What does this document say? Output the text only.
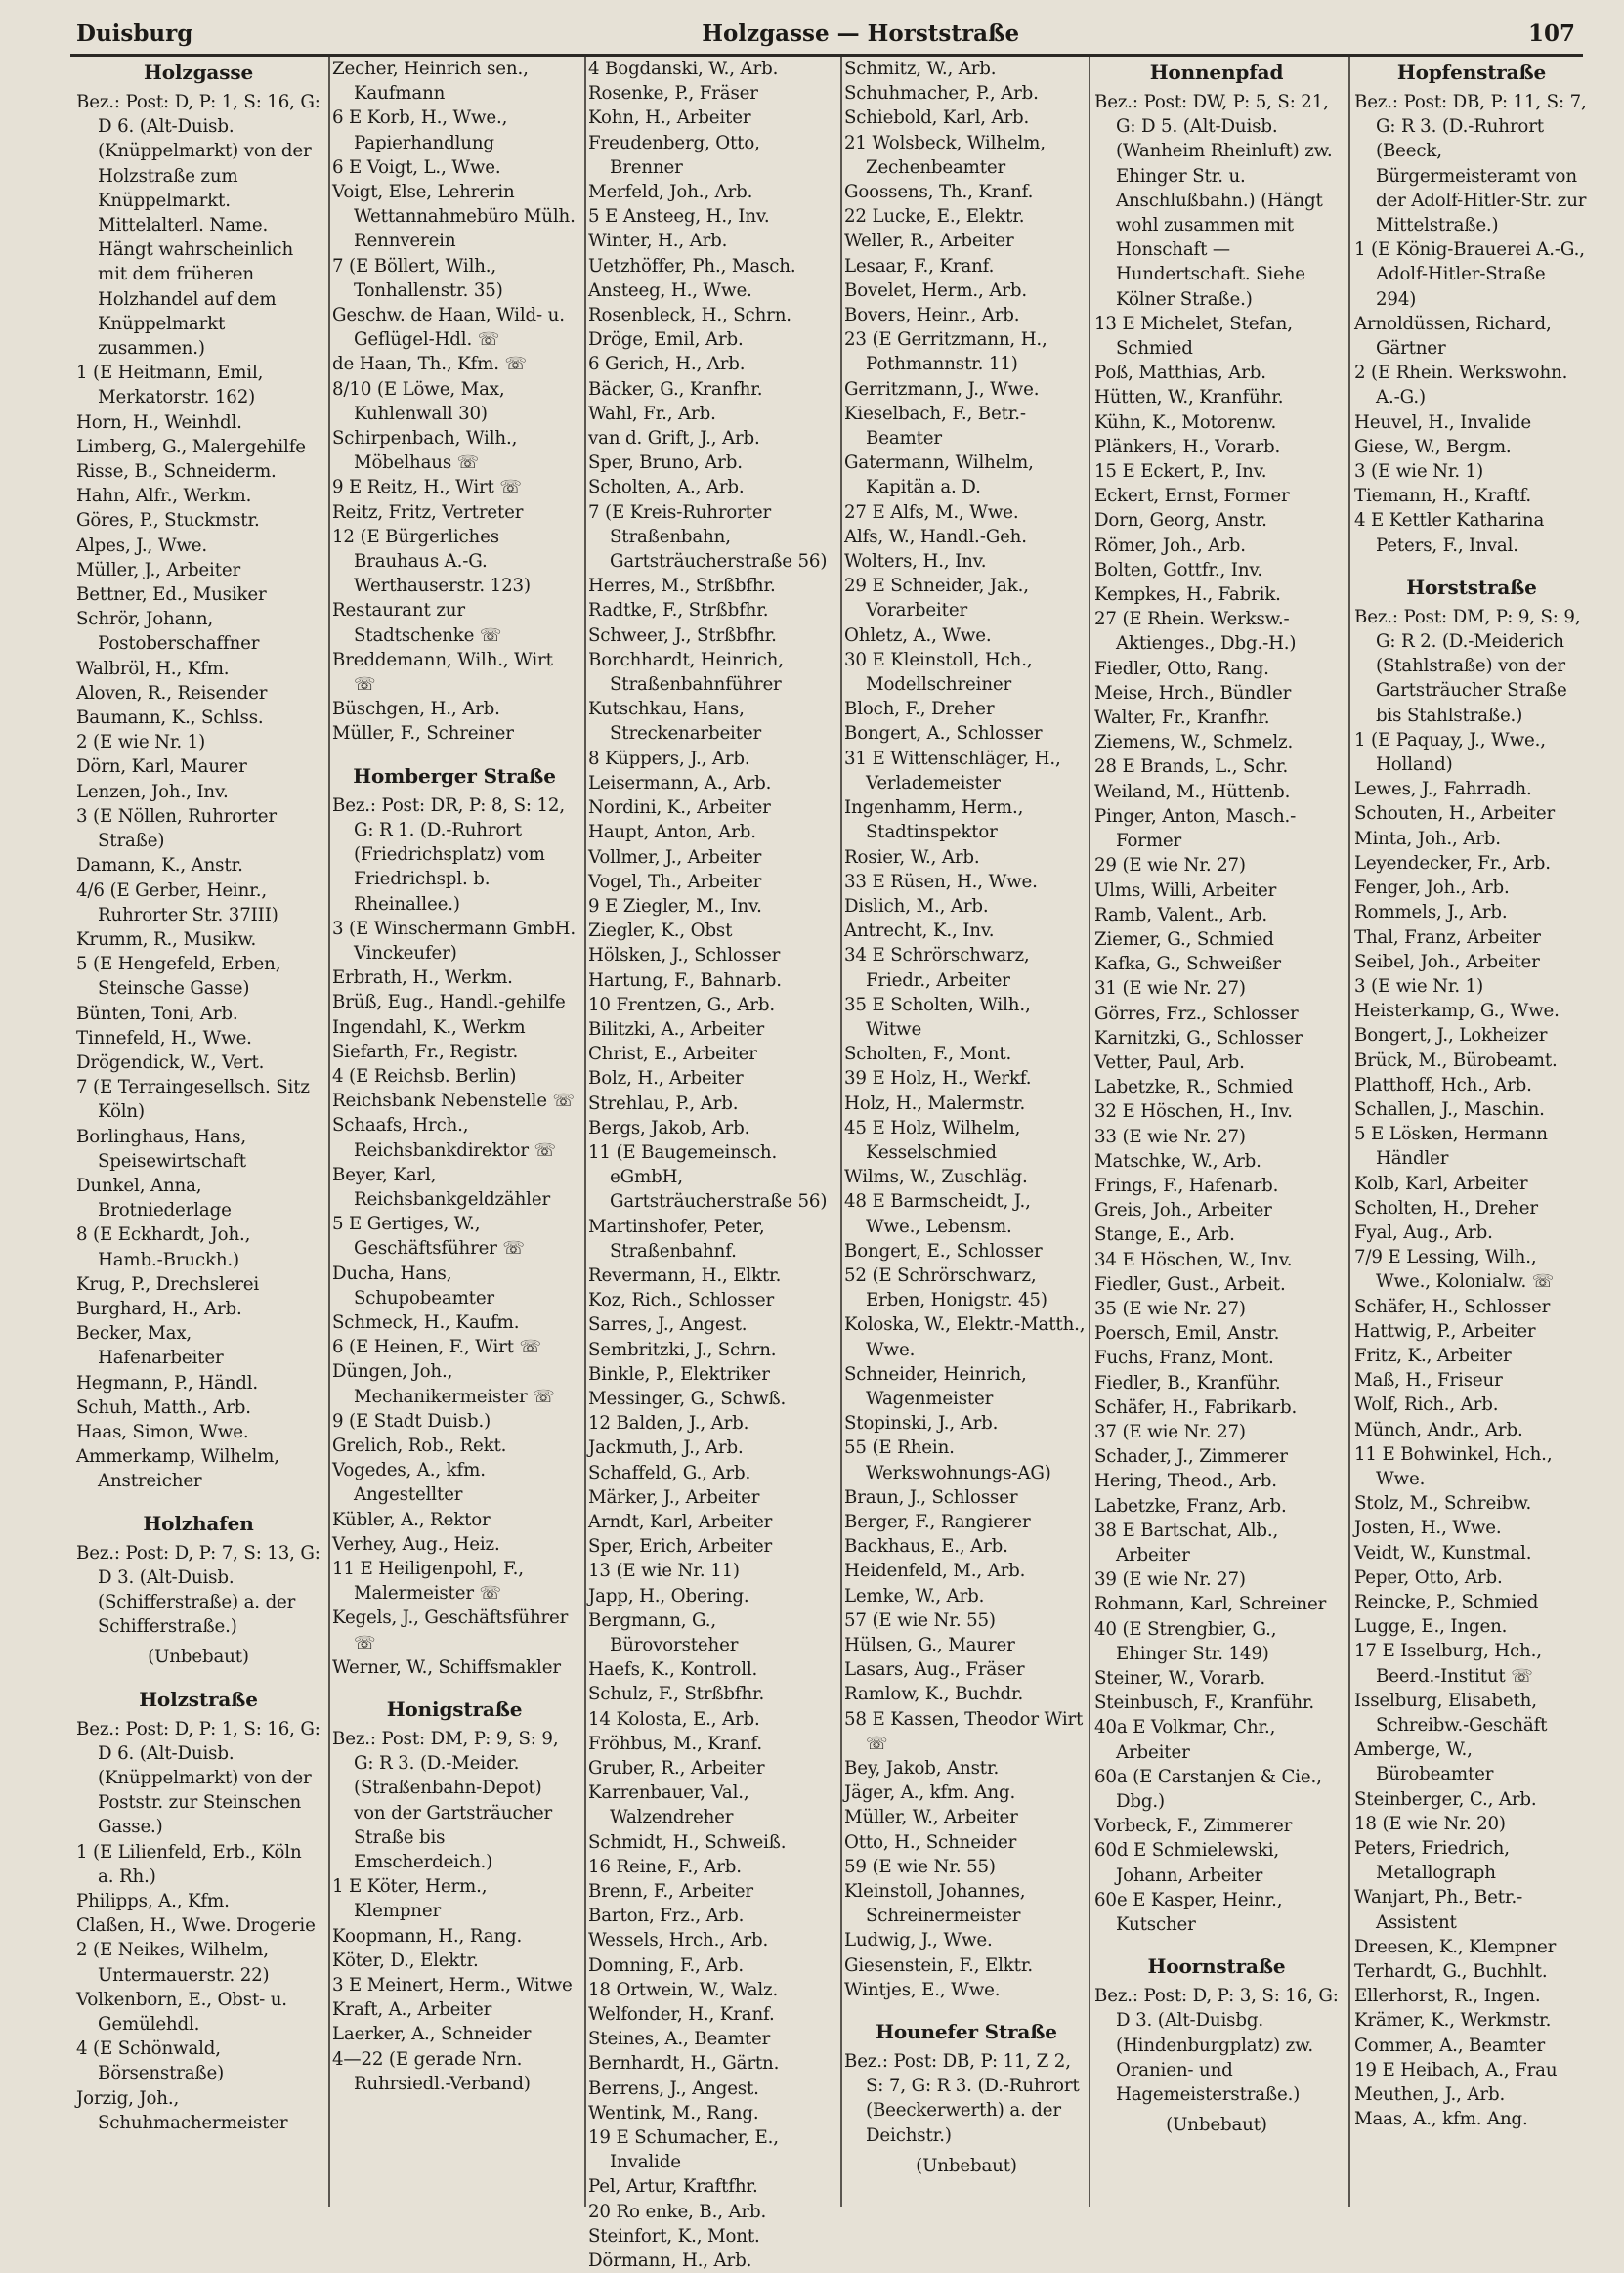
Duisburg	Holzgasse — Horststraße	107
Holzgasse

Bez.: Post: D, P: 1, S: 16, G: D 6. (Alt-Duisb. (Knüppelmarkt) von der Holzstraße zum Knüppelmarkt. Mittelalterl. Name. Hängt wahrscheinlich mit dem früheren Holzhandel auf dem Knüppelmarkt zusammen.)

1 (E Heitmann, Emil, Merkatorstr. 162)
Horn, H., Weinhdl.
Limberg, G., Malergehilfe
Risse, B., Schneiderm.
Hahn, Alfr., Werkm.
Göres, P., Stuckmstr.
Alpes, J., Wwe.
Müller, J., Arbeiter
Bettner, Ed., Musiker
Schrör, Johann, Postoberschaffner
Walbröl, H., Kfm.
Aloven, R., Reisender
Baumann, K., Schlss.
2 (E wie Nr. 1)
Dörn, Karl, Maurer
Lenzen, Joh., Inv.
3 (E Nöllen, Ruhrorter Straße)
Damann, K., Anstr.
4/6 (E Gerber, Heinr., Ruhrorter Str. 37III)
Krumm, R., Musikw.
5 (E Hengefeld, Erben, Steinsche Gasse)
Bünten, Toni, Arb.
Tinnefeld, H., Wwe.
Drögendick, W., Vert.
7 (E Terraingesellsch. Sitz Köln)
Borlinghaus, Hans, Speisewirtschaft
Dunkel, Anna, Brotniederlage
8 (E Eckhardt, Joh., Hamb.-Bruckh.)
Krug, P., Drechslerei
Burghard, H., Arb.
Becker, Max, Hafenarbeiter
Hegmann, P., Händl.
Schuh, Matth., Arb.
Haas, Simon, Wwe.
Ammerkamp, Wilhelm, Anstreicher
Holzhafen

Bez.: Post: D, P: 7, S: 13, G: D 3. (Alt-Duisb. (Schifferstraße) a. der Schifferstraße.)

(Unbebaut)
Holzstraße

Bez.: Post: D, P: 1, S: 16, G: D 6. (Alt-Duisb. (Knüppelmarkt) von der Poststr. zur Steinschen Gasse.)

1 (E Lilienfeld, Erb., Köln a. Rh.)
Philipps, A., Kfm.
Claßen, H., Wwe. Drogerie
2 (E Neikes, Wilhelm, Untermauerstr. 22)
Volkenborn, E., Obst- u. Gemülehdl.
4 (E Schönwald, Börsenstraße)
Jorzig, Joh., Schuhmachermeister
Zecher, Heinrich sen., Kaufmann
6 E Korb, H., Wwe., Papierhandlung
6 E Voigt, L., Wwe.
Voigt, Else, Lehrerin Wettannahmebüro Mülh. Rennverein
7 (E Böllert, Wilh., Tonhallenstr. 35)
Geschw. de Haan, Wild- u. Geflügel-Hdl. ☏
de Haan, Th., Kfm. ☏
8/10 (E Löwe, Max, Kuhlenwall 30)
Schirpenbach, Wilh., Möbelhaus ☏
9 E Reitz, H., Wirt ☏
Reitz, Fritz, Vertreter
12 (E Bürgerliches Brauhaus A.-G. Werthauserstr. 123)
Restaurant zur Stadtschenke ☏
Breddemann, Wilh., Wirt ☏
Büschgen, H., Arb.
Müller, F., Schreiner
Homberger Straße

Bez.: Post: DR, P: 8, S: 12, G: R 1. (D.-Ruhrort (Friedrichsplatz) vom Friedrichspl. b. Rheinallee.)

3 (E Winschermann GmbH. Vinckeufer)
Erbrath, H., Werkm.
Brüß, Eug., Handl.-gehilfe
Ingendahl, K., Werkm
Siefarth, Fr., Registr.
4 (E Reichsb. Berlin)
Reichsbank Nebenstelle ☏
Schaafs, Hrch., Reichsbankdirektor ☏
Beyer, Karl, Reichsbankgeldzähler
5 E Gertiges, W., Geschäftsführer ☏
Ducha, Hans, Schupobeamter
Schmeck, H., Kaufm.
6 (E Heinen, F., Wirt ☏
Düngen, Joh., Mechanikermeister ☏
9 (E Stadt Duisb.)
Grelich, Rob., Rekt.
Vogedes, A., kfm. Angestellter
Kübler, A., Rektor
Verhey, Aug., Heiz.
11 E Heiligenpohl, F., Malermeister ☏
Kegels, J., Geschäftsführer ☏
Werner, W., Schiffsmakler
Honigstraße

Bez.: Post: DM, P: 9, S: 9, G: R 3. (D.-Meider. (Straßenbahn-Depot) von der Gartsträucher Straße bis Emscherdeich.)

1 E Köter, Herm., Klempner
Koopmann, H., Rang.
Köter, D., Elektr.
3 E Meinert, Herm., Witwe
Kraft, A., Arbeiter
Laerker, A., Schneider
4—22 (E gerade Nrn. Ruhrsiedl.-Verband)
4 Bogdanski, W., Arb.
Rosenke, P., Fräser
Kohn, H., Arbeiter
Freudenberg, Otto, Brenner
Merfeld, Joh., Arb.
5 E Ansteeg, H., Inv.
Winter, H., Arb.
Uetzhöffer, Ph., Masch.
Ansteeg, H., Wwe.
Rosenbleck, H., Schrn.
Dröge, Emil, Arb.
6 Gerich, H., Arb.
Bäcker, G., Kranfhr.
Wahl, Fr., Arb.
van d. Grift, J., Arb.
Sper, Bruno, Arb.
Scholten, A., Arb.
7 (E Kreis-Ruhrorter Straßenbahn, Gartsträucherstraße 56)
Herres, M., Strßbfhr.
Radtke, F., Strßbfhr.
Schweer, J., Strßbfhr.
Borchhardt, Heinrich, Straßenbahnführer
Kutschkau, Hans, Streckenarbeiter
8 Küppers, J., Arb.
Leisermann, A., Arb.
Nordini, K., Arbeiter
Haupt, Anton, Arb.
Vollmer, J., Arbeiter
Vogel, Th., Arbeiter
9 E Ziegler, M., Inv.
Ziegler, K., Obst
Hölsken, J., Schlosser
Hartung, F., Bahnarb.
10 Frentzen, G., Arb.
Bilitzki, A., Arbeiter
Christ, E., Arbeiter
Bolz, H., Arbeiter
Strehlau, P., Arb.
Bergs, Jakob, Arb.
11 (E Baugemeinsch. eGmbH, Gartsträucherstraße 56)
Martinshofer, Peter, Straßenbahnf.
Revermann, H., Elktr.
Koz, Rich., Schlosser
Sarres, J., Angest.
Sembritzki, J., Schrn.
Binkle, P., Elektriker
Messinger, G., Schwß.
12 Balden, J., Arb.
Jackmuth, J., Arb.
Schaffeld, G., Arb.
Märker, J., Arbeiter
Arndt, Karl, Arbeiter
Sper, Erich, Arbeiter
13 (E wie Nr. 11)
Japp, H., Obering.
Bergmann, G., Bürovorsteher
Haefs, K., Kontroll.
Schulz, F., Strßbfhr.
14 Kolosta, E., Arb.
Fröhbus, M., Kranf.
Gruber, R., Arbeiter
Karrenbauer, Val., Walzendreher
Schmidt, H., Schweiß.
16 Reine, F., Arb.
Brenn, F., Arbeiter
Barton, Frz., Arb.
Wessels, Hrch., Arb.
Domning, F., Arb.
18 Ortwein, W., Walz.
Welfonder, H., Kranf.
Steines, A., Beamter
Bernhardt, H., Gärtn.
Berrens, J., Angest.
Wentink, M., Rang.
19 E Schumacher, E., Invalide
Pel, Artur, Kraftfhr.
20 Ro enke, B., Arb.
Steinfort, K., Mont.
Dörmann, H., Arb.
Schmitz, W., Arb.
Schuhmacher, P., Arb.
Schiebold, Karl, Arb.
21 Wolsbeck, Wilhelm, Zechenbeamter
Goossens, Th., Kranf.
22 Lucke, E., Elektr.
Weller, R., Arbeiter
Lesaar, F., Kranf.
Bovelet, Herm., Arb.
Bovers, Heinr., Arb.
23 (E Gerritzmann, H., Pothmannstr. 11)
Gerritzmann, J., Wwe.
Kieselbach, F., Betr.-Beamter
Gatermann, Wilhelm, Kapitän a. D.
27 E Alfs, M., Wwe.
Alfs, W., Handl.-Geh.
Wolters, H., Inv.
29 E Schneider, Jak., Vorarbeiter
Ohletz, A., Wwe.
30 E Kleinstoll, Hch., Modellschreiner
Bloch, F., Dreher
Bongert, A., Schlosser
31 E Wittenschläger, H., Verlademeister
Ingenhamm, Herm., Stadtinspektor
Rosier, W., Arb.
33 E Rüsen, H., Wwe.
Dislich, M., Arb.
Antrecht, K., Inv.
34 E Schrörschwarz, Friedr., Arbeiter
35 E Scholten, Wilh., Witwe
Scholten, F., Mont.
39 E Holz, H., Werkf.
Holz, H., Malermstr.
45 E Holz, Wilhelm, Kesselschmied
Wilms, W., Zuschläg.
48 E Barmscheidt, J., Wwe., Lebensm.
Bongert, E., Schlosser
52 (E Schrörschwarz, Erben, Honigstr. 45)
Koloska, W., Elektr.-Matth., Wwe.
Schneider, Heinrich, Wagenmeister
Stopinski, J., Arb.
55 (E Rhein. Werkswohnungs-AG)
Braun, J., Schlosser
Berger, F., Rangierer
Backhaus, E., Arb.
Heidenfeld, M., Arb.
Lemke, W., Arb.
57 (E wie Nr. 55)
Hülsen, G., Maurer
Lasars, Aug., Fräser
Ramlow, K., Buchdr.
58 E Kassen, Theodor Wirt ☏
Bey, Jakob, Anstr.
Jäger, A., kfm. Ang.
Müller, W., Arbeiter
Otto, H., Schneider
59 (E wie Nr. 55)
Kleinstoll, Johannes, Schreinermeister
Ludwig, J., Wwe.
Giesenstein, F., Elktr.
Wintjes, E., Wwe.
Hounefer Straße

Bez.: Post: DB, P: 11, Z 2, S: 7, G: R 3. (D.-Ruhrort (Beeckerwerth) a. der Deichstr.)

(Unbebaut)
Honnenpfad

Bez.: Post: DW, P: 5, S: 21, G: D 5. (Alt-Duisb. (Wanheim Rheinluft) zw. Ehinger Str. u. Anschlußbahn.) (Hängt wohl zusammen mit Honschaft — Hundertschaft. Siehe Kölner Straße.)

13 E Michelet, Stefan, Schmied
Poß, Matthias, Arb.
Hütten, W., Kranführ.
Kühn, K., Motorenw.
Plänkers, H., Vorarb.
15 E Eckert, P., Inv.
Eckert, Ernst, Former
Dorn, Georg, Anstr.
Römer, Joh., Arb.
Bolten, Gottfr., Inv.
Kempkes, H., Fabrik.
27 (E Rhein. Werksw.-Aktienges., Dbg.-H.)
Fiedler, Otto, Rang.
Meise, Hrch., Bündler
Walter, Fr., Kranfhr.
Ziemens, W., Schmelz.
28 E Brands, L., Schr.
Weiland, M., Hüttenb.
Pinger, Anton, Masch.-Former
29 (E wie Nr. 27)
Ulms, Willi, Arbeiter
Ramb, Valent., Arb.
Ziemer, G., Schmied
Kafka, G., Schweißer
31 (E wie Nr. 27)
Görres, Frz., Schlosser
Karnitzki, G., Schlosser
Vetter, Paul, Arb.
Labetzke, R., Schmied
32 E Höschen, H., Inv.
33 (E wie Nr. 27)
Matschke, W., Arb.
Frings, F., Hafenarb.
Greis, Joh., Arbeiter
Stange, E., Arb.
34 E Höschen, W., Inv.
Fiedler, Gust., Arbeit.
35 (E wie Nr. 27)
Poersch, Emil, Anstr.
Fuchs, Franz, Mont.
Fiedler, B., Kranführ.
Schäfer, H., Fabrikarb.
37 (E wie Nr. 27)
Schader, J., Zimmerer
Hering, Theod., Arb.
Labetzke, Franz, Arb.
38 E Bartschat, Alb., Arbeiter
39 (E wie Nr. 27)
Rohmann, Karl, Schreiner
40 (E Strengbier, G., Ehinger Str. 149)
Steiner, W., Vorarb.
Steinbusch, F., Kranführ.
40a E Volkmar, Chr., Arbeiter
60a (E Carstanjen & Cie., Dbg.)
Vorbeck, F., Zimmerer
60d E Schmielewski, Johann, Arbeiter
60e E Kasper, Heinr., Kutscher
Hoornstraße

Bez.: Post: D, P: 3, S: 16, G: D 3. (Alt-Duisbg. (Hindenburgplatz) zw. Oranien- und Hagemeisterstraße.)

(Unbebaut)
Hopfenstraße

Bez.: Post: DB, P: 11, S: 7, G: R 3. (D.-Ruhrort (Beeck, Bürgermeisteramt von der Adolf-Hitler-Str. zur Mittelstraße.)

1 (E König-Brauerei A.-G., Adolf-Hitler-Straße 294)
Arnoldüssen, Richard, Gärtner
2 (E Rhein. Werkswohn. A.-G.)
Heuvel, H., Invalide
Giese, W., Bergm.
3 (E wie Nr. 1)
Tiemann, H., Kraftf.
4 E Kettler Katharina Peters, F., Inval.
Horststraße

Bez.: Post: DM, P: 9, S: 9, G: R 2. (D.-Meiderich (Stahlstraße) von der Gartsträucher Straße bis Stahlstraße.)

1 (E Paquay, J., Wwe., Holland)
Lewes, J., Fahrradh.
Schouten, H., Arbeiter
Minta, Joh., Arb.
Leyendecker, Fr., Arb.
Fenger, Joh., Arb.
Rommels, J., Arb.
Thal, Franz, Arbeiter
Seibel, Joh., Arbeiter
3 (E wie Nr. 1)
Heisterkamp, G., Wwe.
Bongert, J., Lokheizer
Brück, M., Bürobeamt.
Platthoff, Hch., Arb.
Schallen, J., Maschin.
5 E Lösken, Hermann Händler
Kolb, Karl, Arbeiter
Scholten, H., Dreher
Fyal, Aug., Arb.
7/9 E Lessing, Wilh., Wwe., Kolonialw. ☏
Schäfer, H., Schlosser
Hattwig, P., Arbeiter
Fritz, K., Arbeiter
Maß, H., Friseur
Wolf, Rich., Arb.
Münch, Andr., Arb.
11 E Bohwinkel, Hch., Wwe.
Stolz, M., Schreibw.
Josten, H., Wwe.
Veidt, W., Kunstmal.
Peper, Otto, Arb.
Reincke, P., Schmied
Lugge, E., Ingen.
17 E Isselburg, Hch., Beerd.-Institut ☏
Isselburg, Elisabeth, Schreibw.-Geschäft
Amberge, W., Bürobeamter
Steinberger, C., Arb.
18 (E wie Nr. 20)
Peters, Friedrich, Metallograph
Wanjart, Ph., Betr.-Assistent
Dreesen, K., Klempner
Terhardt, G., Buchhlt.
Ellerhorst, R., Ingen.
Krämer, K., Werkmstr.
Commer, A., Beamter
19 E Heibach, A., Frau
Meuthen, J., Arb.
Maas, A., kfm. Ang.
